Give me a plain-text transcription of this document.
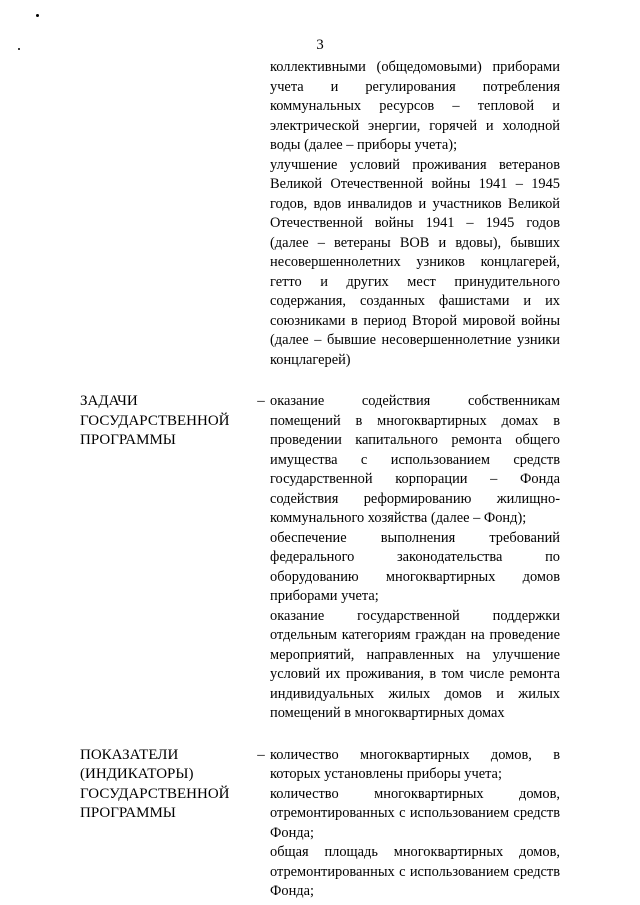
3

коллективными (общедомовыми) приборами учета и регулирования потребления коммунальных ресурсов – тепловой и электрической энергии, горячей и холодной воды (далее – приборы учета);

улучшение условий проживания ветеранов Великой Отечественной войны 1941 – 1945 годов, вдов инвалидов и участников Великой Отечественной войны 1941 – 1945 годов (далее – ветераны ВОВ и вдовы), бывших несовершеннолетних узников концлагерей, гетто и других мест принудительного содержания, созданных фашистами и их союзниками в период Второй мировой войны (далее – бывшие несовершеннолетние узники концлагерей)

ЗАДАЧИ
ГОСУДАРСТВЕННОЙ
ПРОГРАММЫ
– оказание содействия собственникам помещений в многоквартирных домах в проведении капитального ремонта общего имущества с использованием средств государственной корпорации – Фонда содействия реформированию жилищно-коммунального хозяйства (далее – Фонд);

обеспечение выполнения требований федерального законодательства по оборудованию многоквартирных домов приборами учета;

оказание государственной поддержки отдельным категориям граждан на проведение мероприятий, направленных на улучшение условий их проживания, в том числе ремонта индивидуальных жилых домов и жилых помещений в многоквартирных домах

ПОКАЗАТЕЛИ
(ИНДИКАТОРЫ)
ГОСУДАРСТВЕННОЙ
ПРОГРАММЫ
– количество многоквартирных домов, в которых установлены приборы учета;

количество многоквартирных домов, отремонтированных с использованием средств Фонда;

общая площадь многоквартирных домов, отремонтированных с использованием средств Фонда;
